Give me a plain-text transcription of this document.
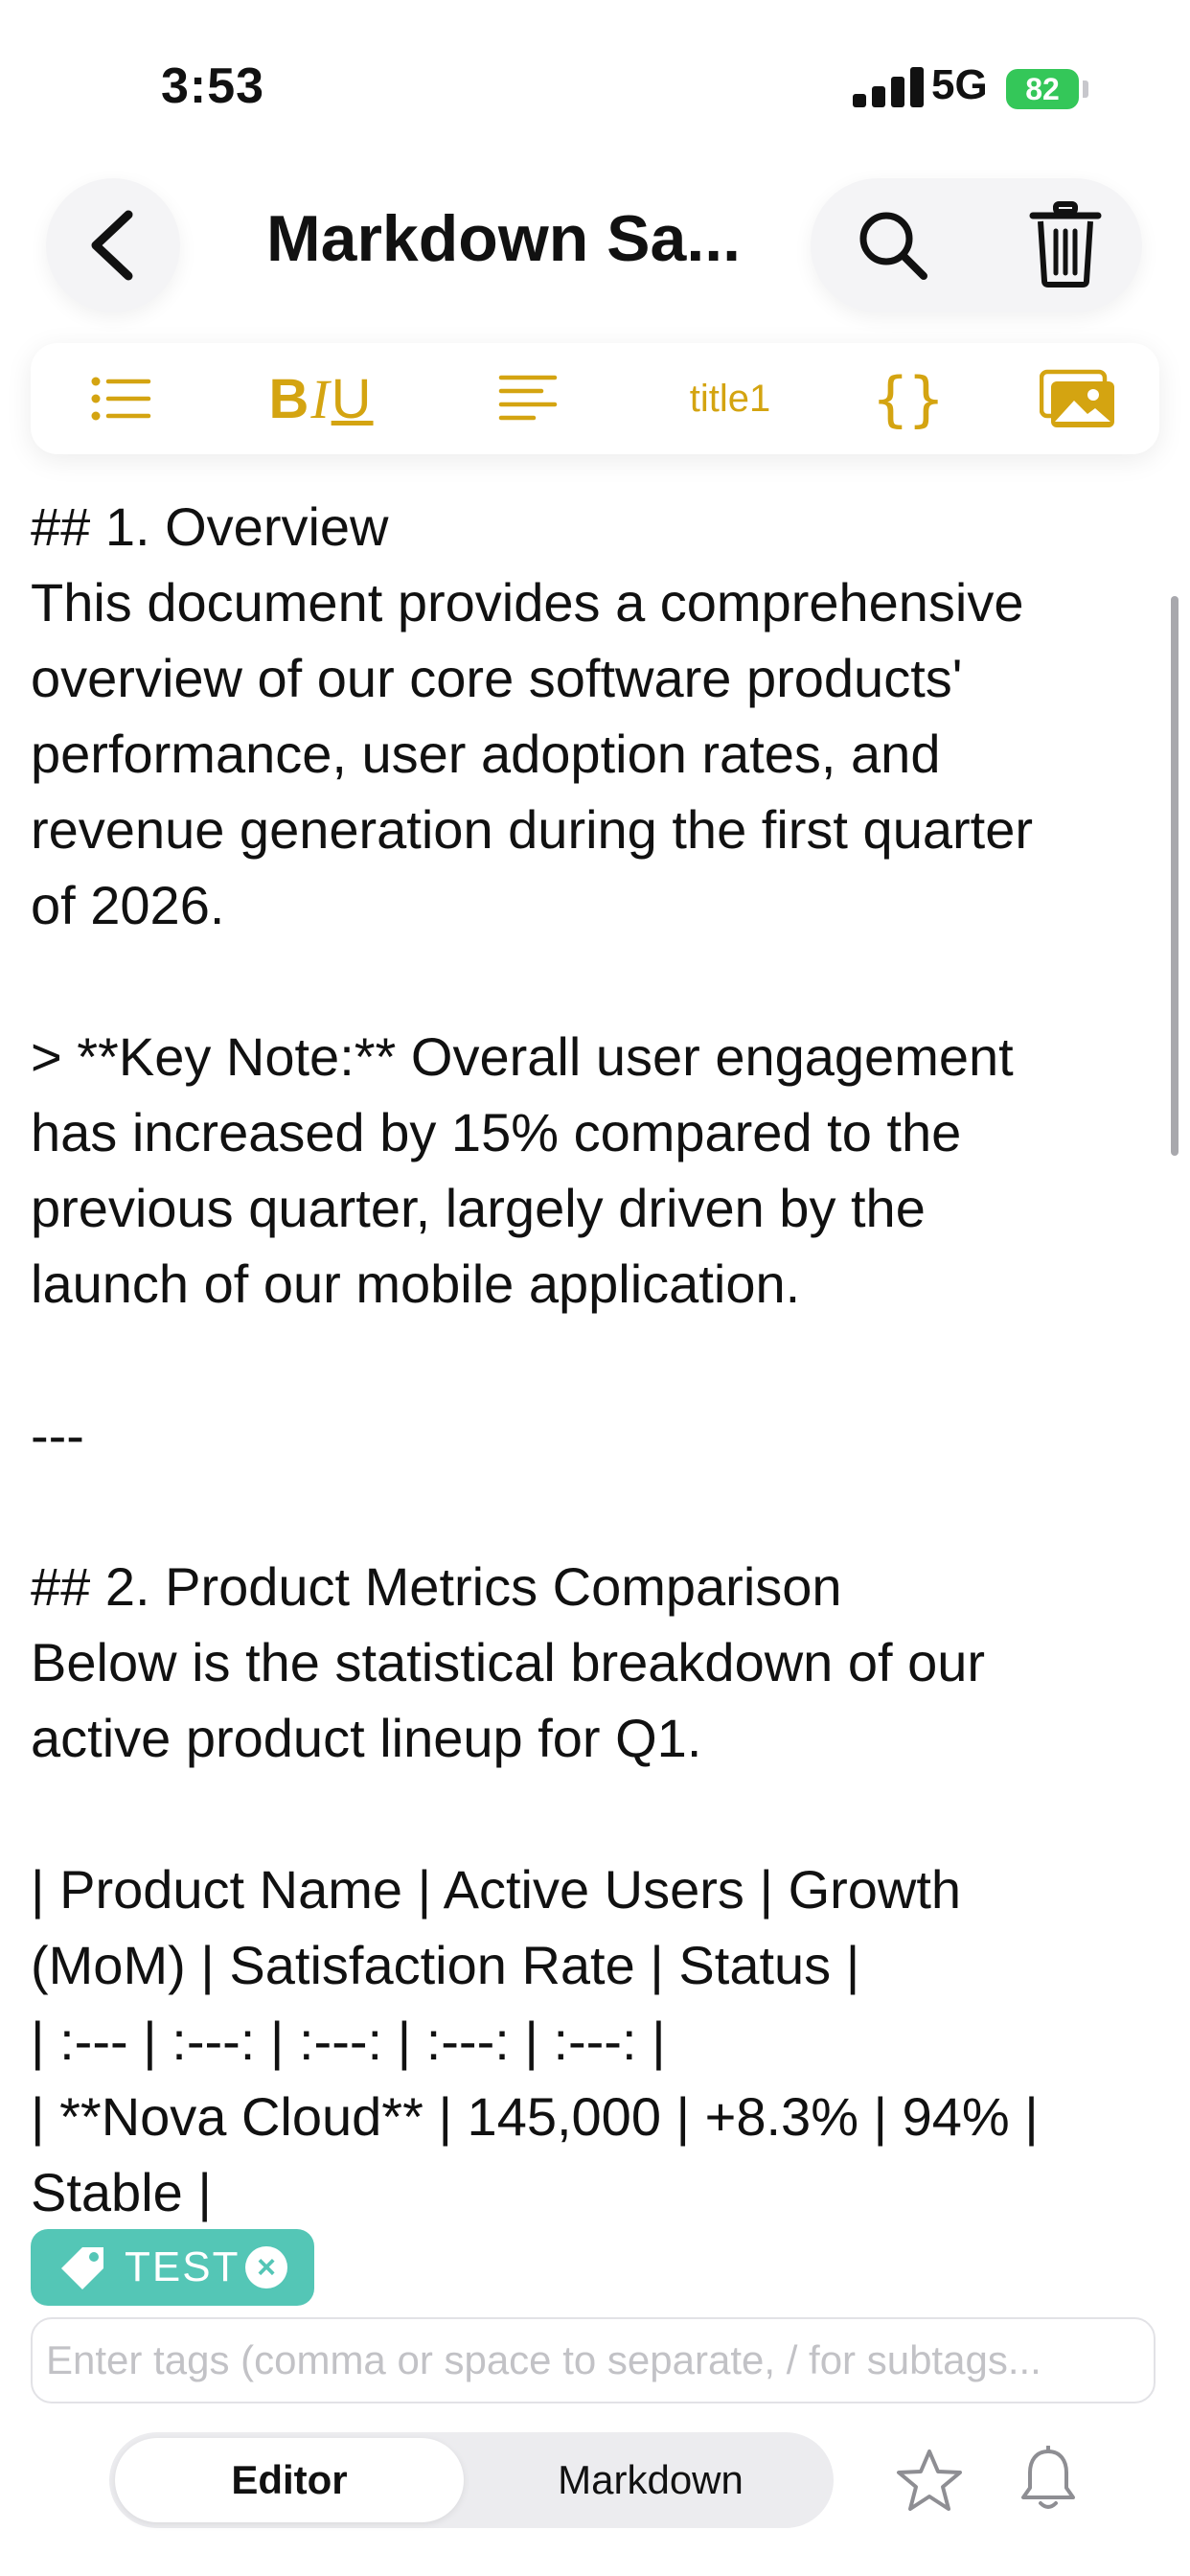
3:53	5G 82
Markdown Sa...
B I U	title1 {}
## 1. Overview
This document provides a comprehensive
overview of our core software products'
performance, user adoption rates, and
revenue generation during the first quarter
of 2026.
> **Key Note:** Overall user engagement
has increased by 15% compared to the
previous quarter, largely driven by the
launch of our mobile application.
---
## 2. Product Metrics Comparison
Below is the statistical breakdown of our
active product lineup for Q1.
| Product Name | Active Users | Growth
(MoM) | Satisfaction Rate | Status |
| :--- | :---: | :---: | :---: | :---: |
| **Nova Cloud** | 145,000 | +8.3% | 94% |
Stable |
TEST ×
Enter tags (comma or space to separate, / for subtags...
Editor	Markdown
